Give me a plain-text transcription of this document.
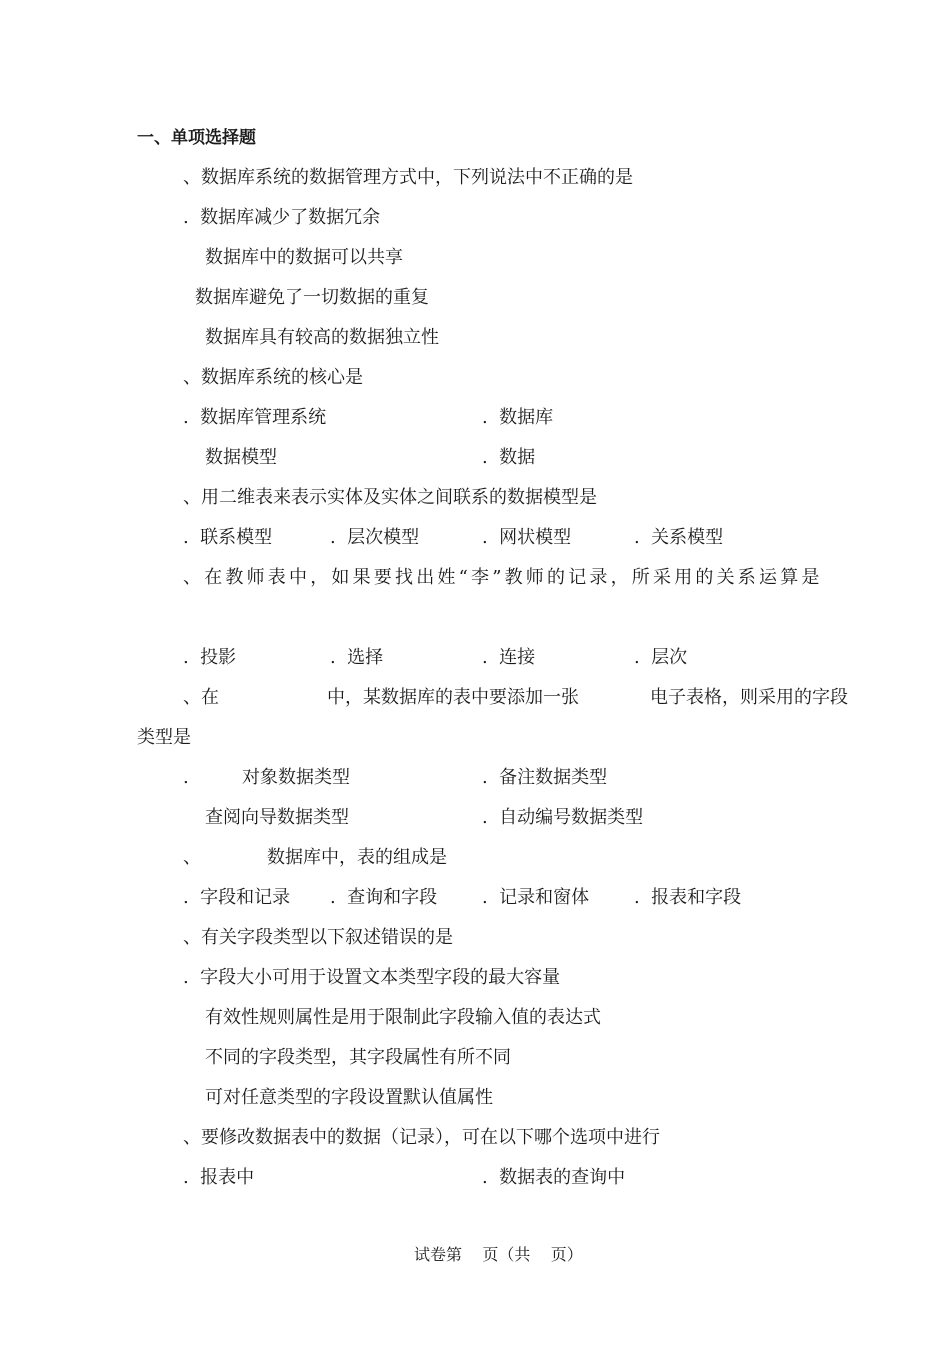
一、单项选择题
、数据库系统的数据管理方式中，下列说法中不正确的是
.  数据库减少了数据冗余
数据库中的数据可以共享
数据库避免了一切数据的重复
数据库具有较高的数据独立性
、数据库系统的核心是
.  数据库管理系统	.  数据库
数据模型	.  数据
、用二维表来表示实体及实体之间联系的数据模型是
.  联系模型	.  层次模型	.  网状模型	.  关系模型
、在教师表中，如果要找出姓“李”教师的记录，所采用的关系运算是
.  投影	.  选择	.  连接	.  层次
、在	中，某数据库的表中要添加一张	电子表格，则采用的字段
类型是
.	对象数据类型	.  备注数据类型
查阅向导数据类型	.  自动编号数据类型
、	数据库中，表的组成是
.  字段和记录 .  查询和字段 .  记录和窗体 .  报表和字段
、有关字段类型以下叙述错误的是
.  字段大小可用于设置文本类型字段的最大容量
有效性规则属性是用于限制此字段输入值的表达式
不同的字段类型，其字段属性有所不同
可对任意类型的字段设置默认值属性
、要修改数据表中的数据（记录），可在以下哪个选项中进行
.  报表中	.  数据表的查询中
试卷第    页（共    页）
